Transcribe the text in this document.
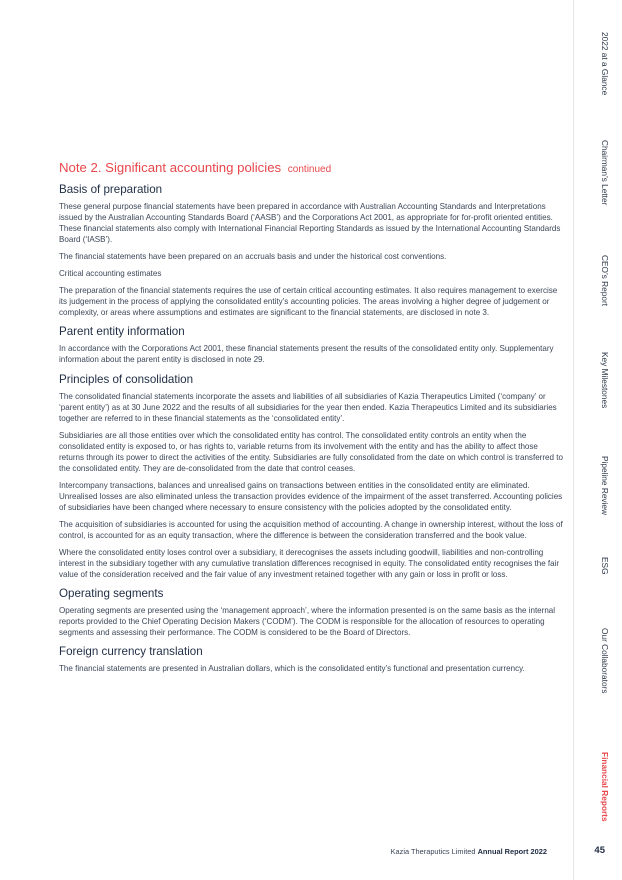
Note 2. Significant accounting policies continued
Basis of preparation

These general purpose financial statements have been prepared in accordance with Australian Accounting Standards and Interpretations issued by the Australian Accounting Standards Board (‘AASB’) and the Corporations Act 2001, as appropriate for for-profit oriented entities. These financial statements also comply with International Financial Reporting Standards as issued by the International Accounting Standards Board (‘IASB’).

The financial statements have been prepared on an accruals basis and under the historical cost conventions.

Critical accounting estimates

The preparation of the financial statements requires the use of certain critical accounting estimates. It also requires management to exercise its judgement in the process of applying the consolidated entity’s accounting policies. The areas involving a higher degree of judgement or complexity, or areas where assumptions and estimates are significant to the financial statements, are disclosed in note 3.

Parent entity information

In accordance with the Corporations Act 2001, these financial statements present the results of the consolidated entity only. Supplementary information about the parent entity is disclosed in note 29.

Principles of consolidation

The consolidated financial statements incorporate the assets and liabilities of all subsidiaries of Kazia Therapeutics Limited (‘company’ or ‘parent entity’) as at 30 June 2022 and the results of all subsidiaries for the year then ended. Kazia Therapeutics Limited and its subsidiaries together are referred to in these financial statements as the ‘consolidated entity’.

Subsidiaries are all those entities over which the consolidated entity has control. The consolidated entity controls an entity when the consolidated entity is exposed to, or has rights to, variable returns from its involvement with the entity and has the ability to affect those returns through its power to direct the activities of the entity. Subsidiaries are fully consolidated from the date on which control is transferred to the consolidated entity. They are de-consolidated from the date that control ceases.

Intercompany transactions, balances and unrealised gains on transactions between entities in the consolidated entity are eliminated. Unrealised losses are also eliminated unless the transaction provides evidence of the impairment of the asset transferred. Accounting policies of subsidiaries have been changed where necessary to ensure consistency with the policies adopted by the consolidated entity.

The acquisition of subsidiaries is accounted for using the acquisition method of accounting. A change in ownership interest, without the loss of control, is accounted for as an equity transaction, where the difference is between the consideration transferred and the book value.

Where the consolidated entity loses control over a subsidiary, it derecognises the assets including goodwill, liabilities and non-controlling interest in the subsidiary together with any cumulative translation differences recognised in equity. The consolidated entity recognises the fair value of the consideration received and the fair value of any investment retained together with any gain or loss in profit or loss.

Operating segments

Operating segments are presented using the ‘management approach’, where the information presented is on the same basis as the internal reports provided to the Chief Operating Decision Makers (‘CODM’). The CODM is responsible for the allocation of resources to operating segments and assessing their performance. The CODM is considered to be the Board of Directors.

Foreign currency translation

The financial statements are presented in Australian dollars, which is the consolidated entity’s functional and presentation currency.

2022 at a Glance
Chairman’s Letter
CEO’s Report
Key Milestones
Pipeline Review
ESG
Our Collaborators
Financial Reports
Kazia Theraputics Limited Annual Report 2022	45
